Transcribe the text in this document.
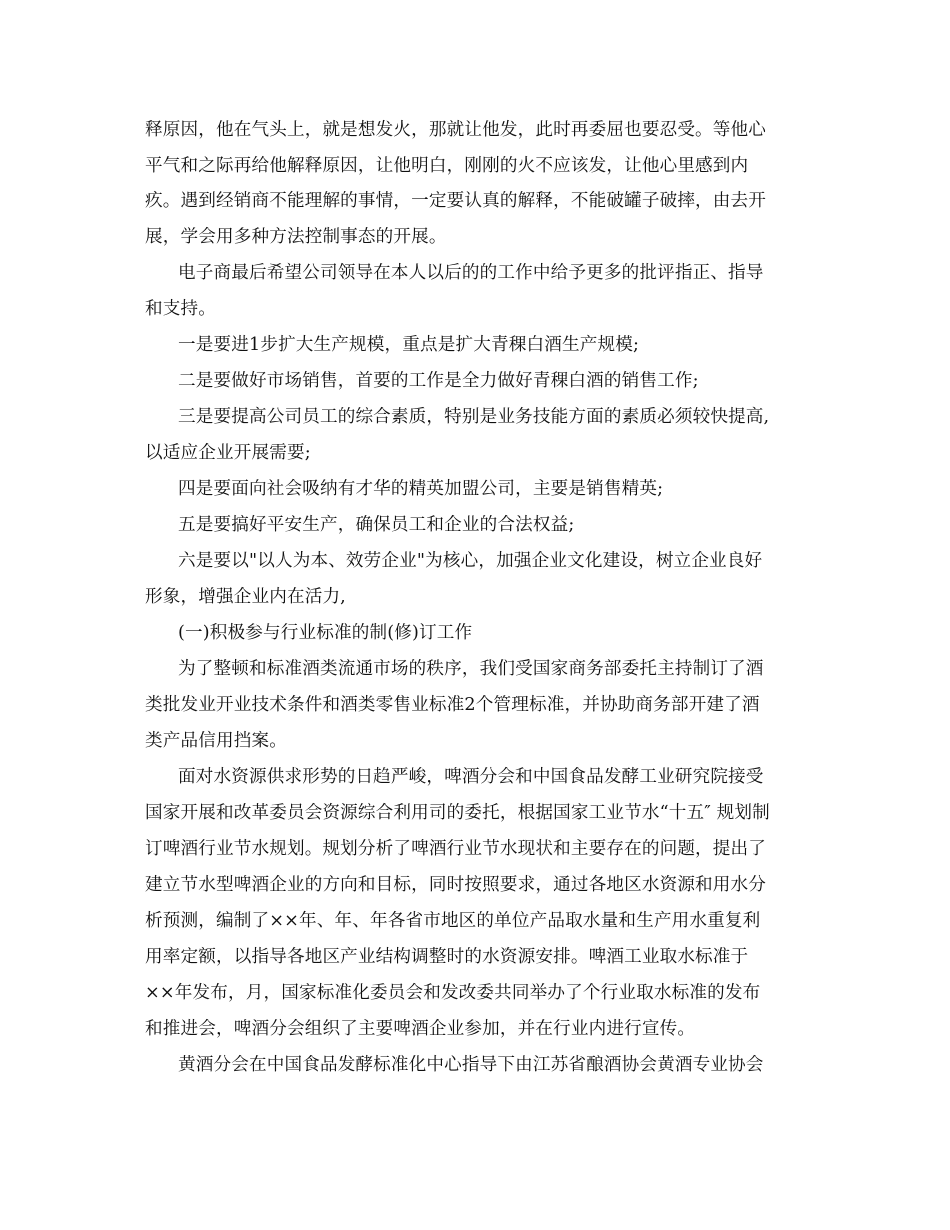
释原因，他在气头上，就是想发火，那就让他发，此时再委屈也要忍受。等他心
平气和之际再给他解释原因，让他明白，刚刚的火不应该发，让他心里感到内
疚。遇到经销商不能理解的事情，一定要认真的解释，不能破罐子破摔，由去开
展，学会用多种方法控制事态的开展。
电子商最后希望公司领导在本人以后的的工作中给予更多的批评指正、指导
和支持。
一是要进1步扩大生产规模，重点是扩大青稞白酒生产规模;
二是要做好市场销售，首要的工作是全力做好青稞白酒的销售工作;
三是要提高公司员工的综合素质，特别是业务技能方面的素质必须较快提高,
以适应企业开展需要;
四是要面向社会吸纳有才华的精英加盟公司，主要是销售精英;
五是要搞好平安生产，确保员工和企业的合法权益;
六是要以"以人为本、效劳企业"为核心，加强企业文化建设，树立企业良好
形象，增强企业内在活力,
(一)积极参与行业标准的制(修)订工作
为了整顿和标准酒类流通市场的秩序，我们受国家商务部委托主持制订了酒
类批发业开业技术条件和酒类零售业标准2个管理标准，并协助商务部开建了酒
类产品信用挡案。
面对水资源供求形势的日趋严峻，啤酒分会和中国食品发酵工业研究院接受
国家开展和改革委员会资源综合利用司的委托，根据国家工业节水“十五″ 规划制
订啤酒行业节水规划。规划分析了啤酒行业节水现状和主要存在的问题，提出了
建立节水型啤酒企业的方向和目标，同时按照要求，通过各地区水资源和用水分
析预测，编制了××年、年、年各省市地区的单位产品取水量和生产用水重复利
用率定额，以指导各地区产业结构调整时的水资源安排。啤酒工业取水标准于
××年发布，月，国家标准化委员会和发改委共同举办了个行业取水标准的发布
和推进会，啤酒分会组织了主要啤酒企业参加，并在行业内进行宣传。
黄酒分会在中国食品发酵标准化中心指导下由江苏省酿酒协会黄酒专业协会
